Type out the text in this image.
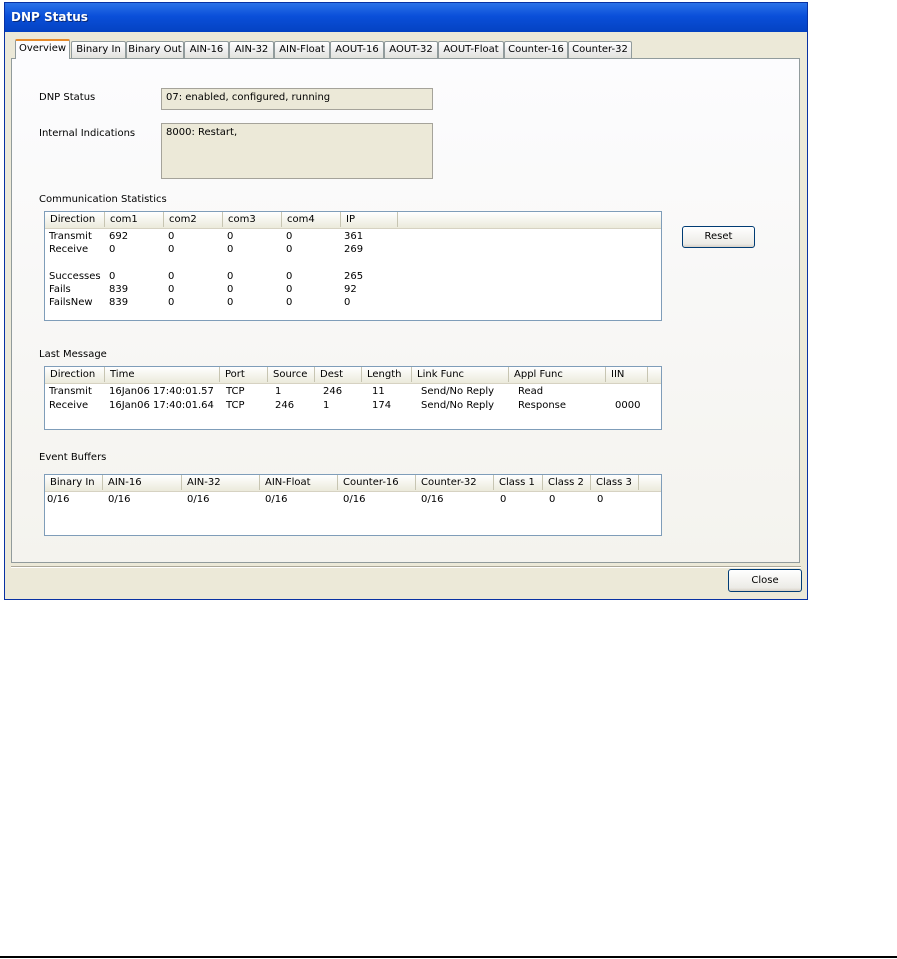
DNP Status
Overview	Binary In Binary Out AIN-16	AIN-32	AIN-Float	AOUT-16	AOUT-32	AOUT-Float Counter-16 Counter-32
DNP Status	07: enabled, configured, running
Internal Indications	8000: Restart,
Communication Statistics
Direction	com1	com2	com3	com4	IP
Transmit 692	0	0	0	361
Receive 0	0	0	0	269
Successes 0	0	0	0	265
Fails	839	0	0	0	92
FailsNew 839	0	0	0	0
Reset
Last Message
Direction	Time	Port	Source	Dest	Length	Link Func	Appl Func	IIN
Transmit 16Jan06 17:40:01.57 TCP	1	246	11	Send/No Reply Read
Receive 16Jan06 17:40:01.64 TCP	246	1	174	Send/No Reply Response	0000
Event Buffers
Binary In	AIN-16	AIN-32	AIN-Float	Counter-16	Counter-32	Class 1	Class 2	Class 3
0/16	0/16	0/16	0/16	0/16	0/16	0	0	0
Close
